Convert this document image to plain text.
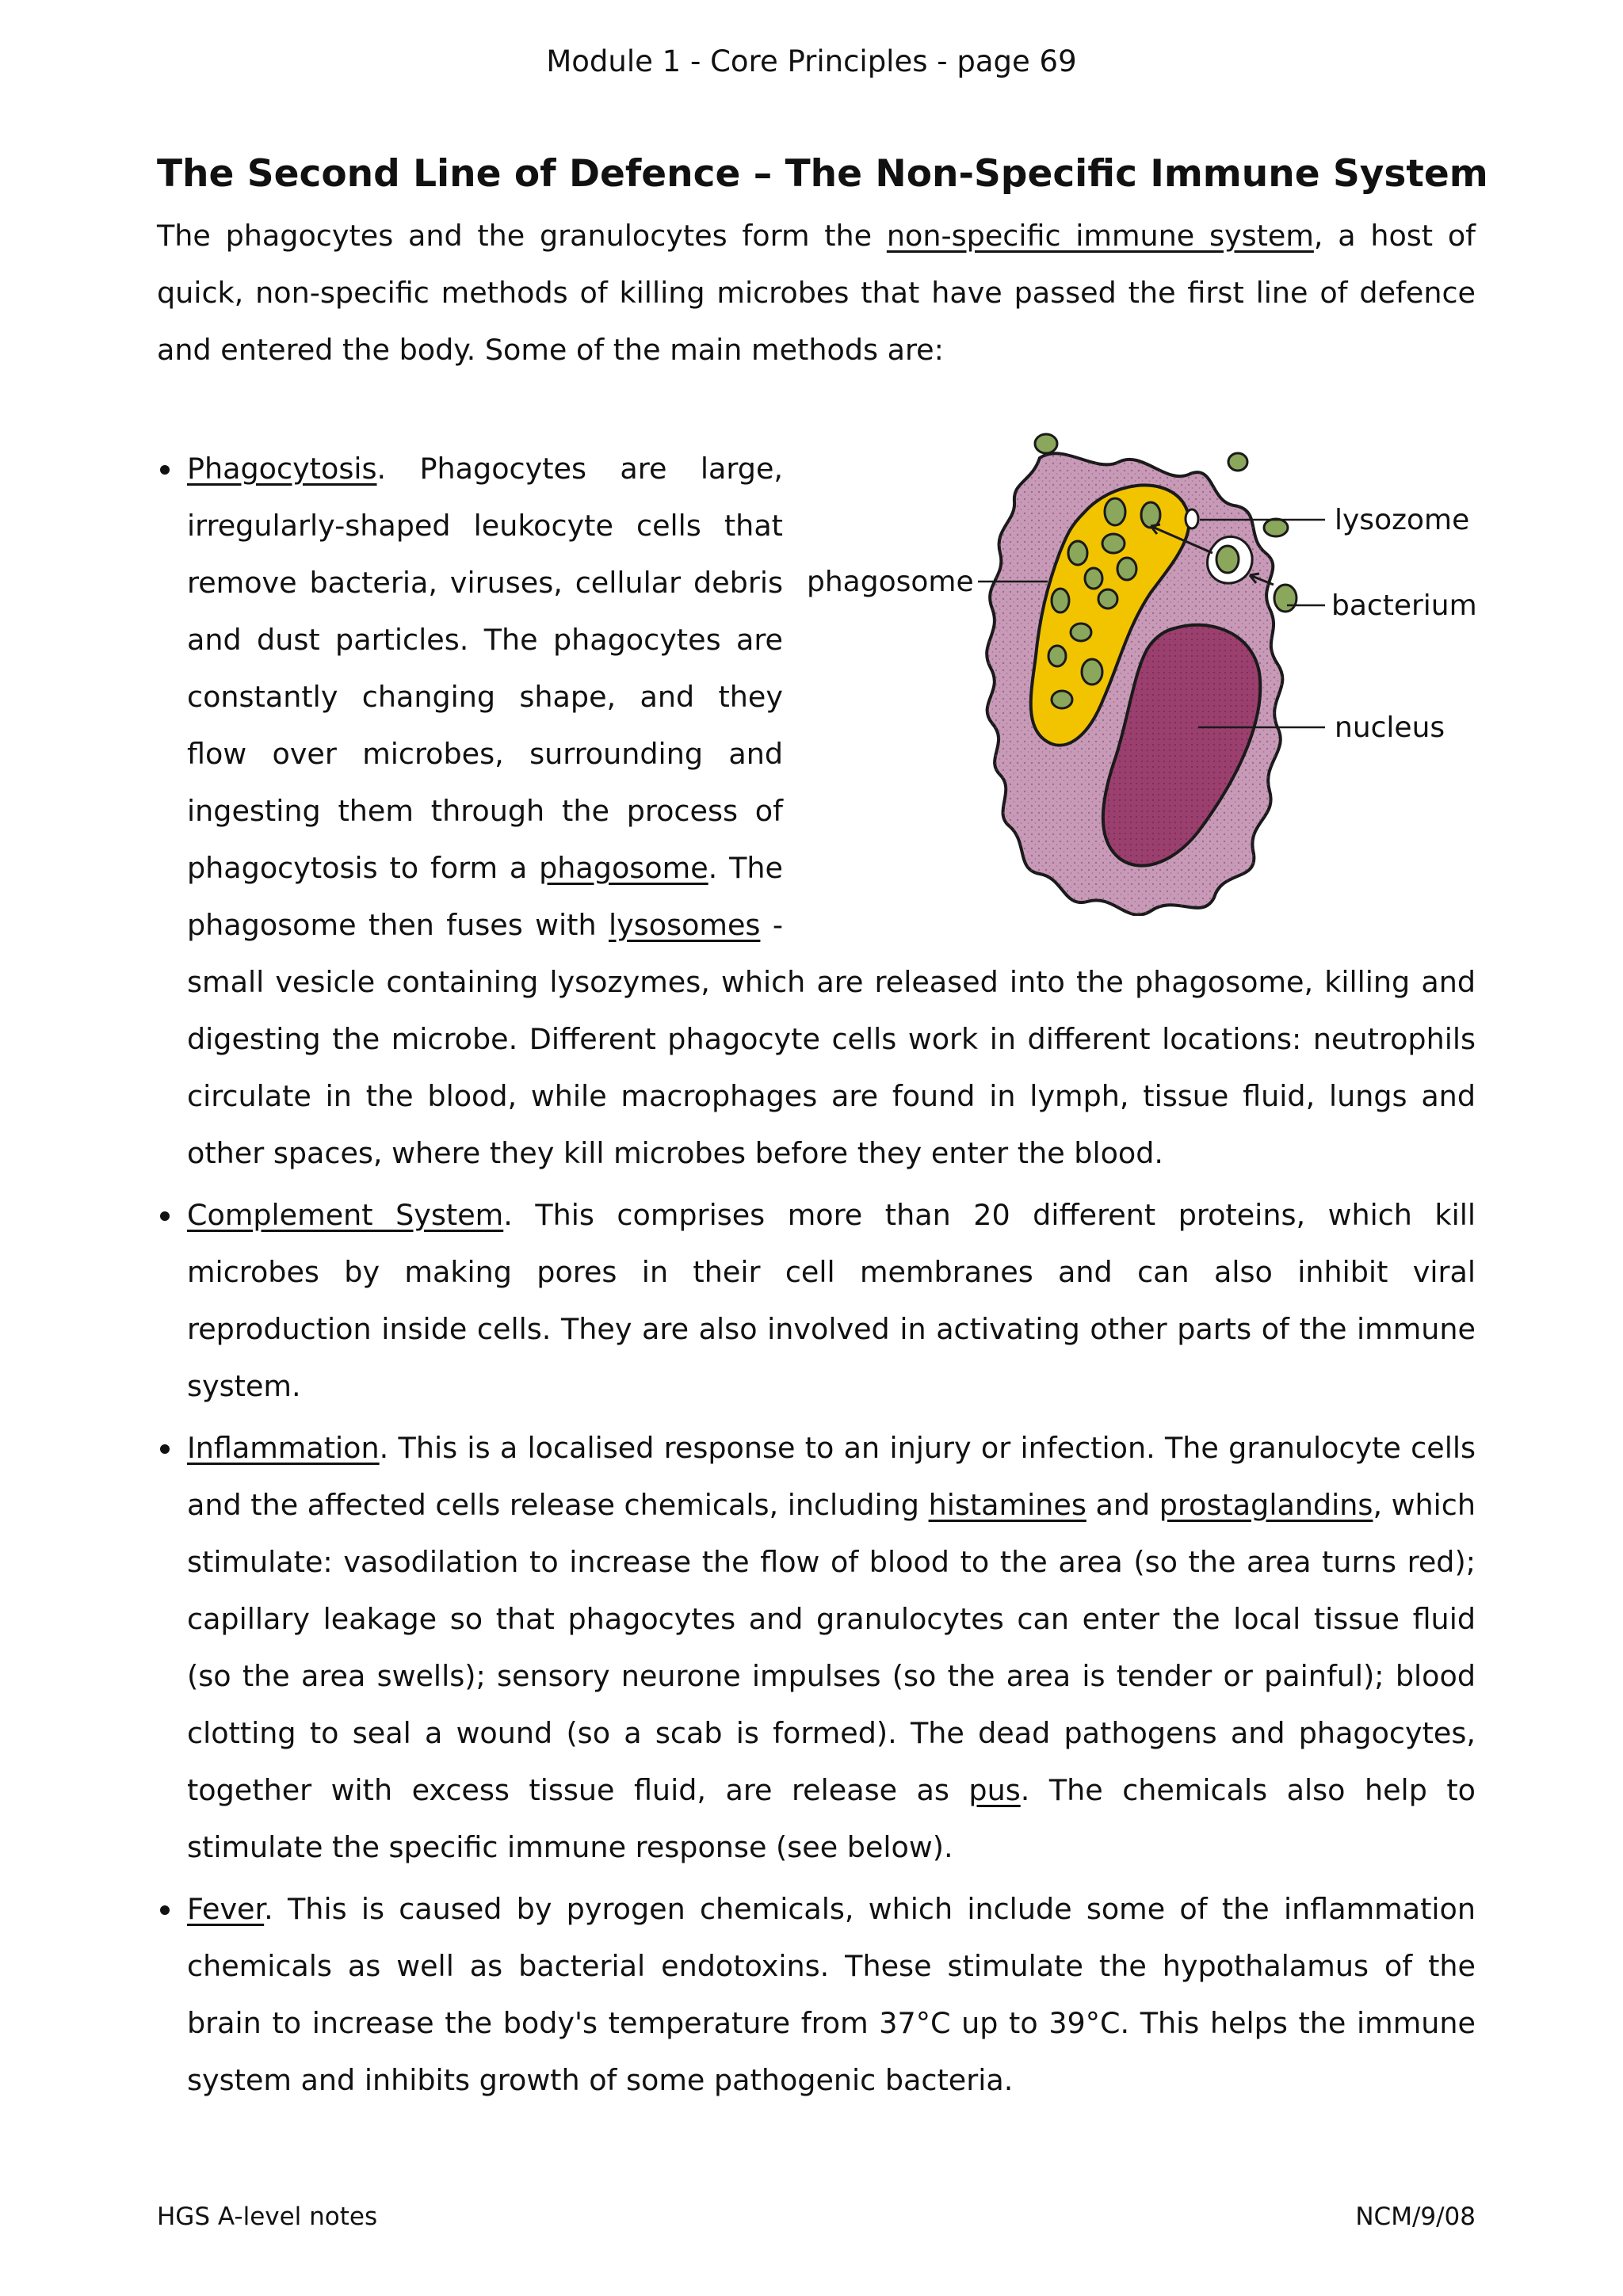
Module 1 - Core Principles - page 69
The Second Line of Defence – The Non-Specific Immune System
The phagocytes and the granulocytes form the non-specific immune system, a host of quick, non-specific methods of killing microbes that have passed the first line of defence and entered the body. Some of the main methods are:
lysozome
phagosome
bacterium
nucleus
Phagocytosis. Phagocytes are large, irregularly-shaped leukocyte cells that remove bacteria, viruses, cellular debris and dust particles. The phagocytes are constantly changing shape, and they flow over microbes, surrounding and ingesting them through the process of phagocytosis to form a phagosome. The phagosome then fuses with lysosomes - small vesicle containing lysozymes, which are released into the phagosome, killing and digesting the microbe. Different phagocyte cells work in different locations: neutrophils circulate in the blood, while macrophages are found in lymph, tissue fluid, lungs and other spaces, where they kill microbes before they enter the blood.
Complement System. This comprises more than 20 different proteins, which kill microbes by making pores in their cell membranes and can also inhibit viral reproduction inside cells. They are also involved in activating other parts of the immune system.
Inflammation. This is a localised response to an injury or infection. The granulocyte cells and the affected cells release chemicals, including histamines and prostaglandins, which stimulate: vasodilation to increase the flow of blood to the area (so the area turns red); capillary leakage so that phagocytes and granulocytes can enter the local tissue fluid (so the area swells); sensory neurone impulses (so the area is tender or painful); blood clotting to seal a wound (so a scab is formed). The dead pathogens and phagocytes, together with excess tissue fluid, are release as pus. The chemicals also help to stimulate the specific immune response (see below).
Fever. This is caused by pyrogen chemicals, which include some of the inflammation chemicals as well as bacterial endotoxins. These stimulate the hypothalamus of the brain to increase the body's temperature from 37°C up to 39°C. This helps the immune system and inhibits growth of some pathogenic bacteria.
HGS A-level notes	NCM/9/08
